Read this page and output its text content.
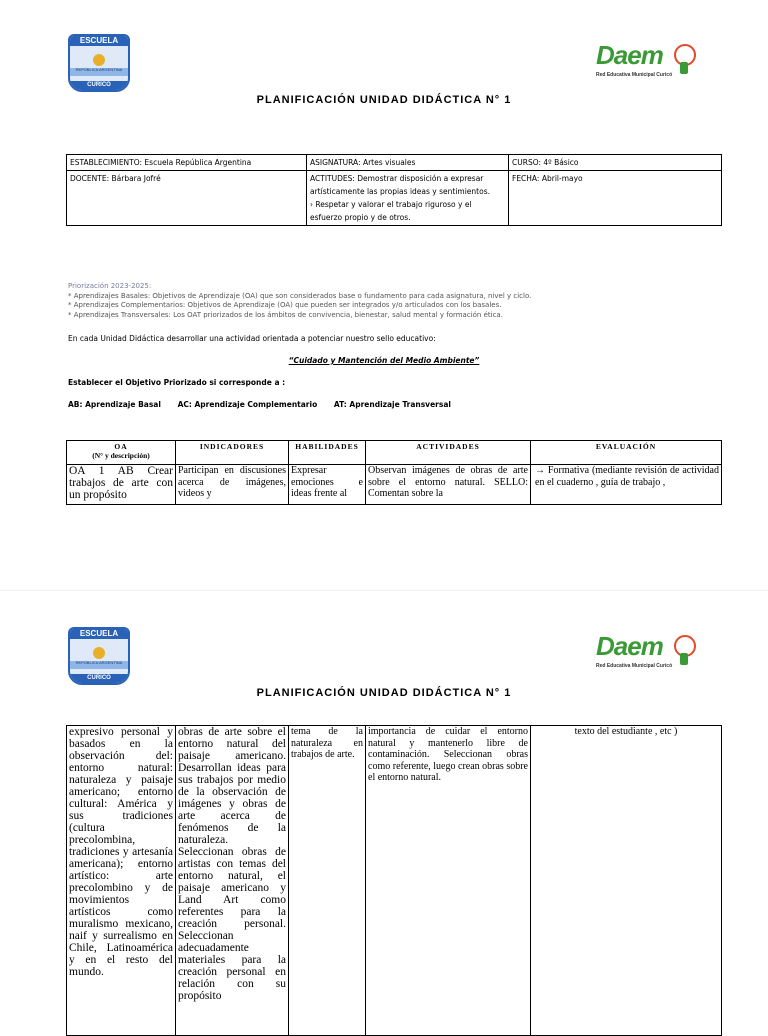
ESCUELA
REPÚBLICA ARGENTINA
CURICÓ
Daem
Red Educativa Municipal Curicó
PLANIFICACIÓN UNIDAD DIDÁCTICA N° 1
ESTABLECIMIENTO: Escuela República Argentina	ASIGNATURA: Artes visuales	CURSO: 4º Básico
DOCENTE: Bárbara Jofré	ACTITUDES: Demostrar disposición a expresar artísticamente las propias ideas y sentimientos.
› Respetar y valorar el trabajo riguroso y el esfuerzo propio y de otros.	FECHA: Abril-mayo
Priorización 2023-2025:
* Aprendizajes Basales: Objetivos de Aprendizaje (OA) que son considerados base o fundamento para cada asignatura, nivel y ciclo.
* Aprendizajes Complementarios: Objetivos de Aprendizaje (OA) que pueden ser integrados y/o articulados con los basales.
* Aprendizajes Transversales: Los OAT priorizados de los ámbitos de convivencia, bienestar, salud mental y formación ética.
En cada Unidad Didáctica desarrollar una actividad orientada a potenciar nuestro sello educativo:
“Cuidado y Mantención del Medio Ambiente”
Establecer el Objetivo Priorizado si corresponde a :
AB: Aprendizaje Basal AC: Aprendizaje Complementario AT: Aprendizaje Transversal
OA
(N° y descripción)	INDICADORES	HABILIDADES	ACTIVIDADES	EVALUACIÓN
OA 1 AB Crear trabajos de arte con un propósito	Participan en discusiones acerca de imágenes, videos y	Expresar emociones e ideas frente al	Observan imágenes de obras de arte sobre el entorno natural. SELLO: Comentan sobre la	→ Formativa (mediante revisión de actividad en el cuaderno , guía de trabajo ,
ESCUELA
REPÚBLICA ARGENTINA
CURICÓ
Daem
Red Educativa Municipal Curicó
PLANIFICACIÓN UNIDAD DIDÁCTICA N° 1
expresivo personal y basados en la observación del: entorno natural: naturaleza y paisaje americano; entorno cultural: América y sus tradiciones (cultura precolombina, tradiciones y artesanía americana); entorno artístico: arte precolombino y de movimientos artísticos como muralismo mexicano, naif y surrealismo en Chile, Latinoamérica y en el resto del mundo.	obras de arte sobre el entorno natural del paisaje americano. Desarrollan ideas para sus trabajos por medio de la observación de imágenes y obras de arte acerca de fenómenos de la naturaleza. Seleccionan obras de artistas con temas del entorno natural, el paisaje americano y Land Art como referentes para la creación personal. Seleccionan adecuadamente materiales para la creación personal en relación con su propósito	tema de la naturaleza en trabajos de arte.	importancia de cuidar el entorno natural y mantenerlo libre de contaminación. Seleccionan obras como referente, luego crean obras sobre el entorno natural.	texto del estudiante , etc )
